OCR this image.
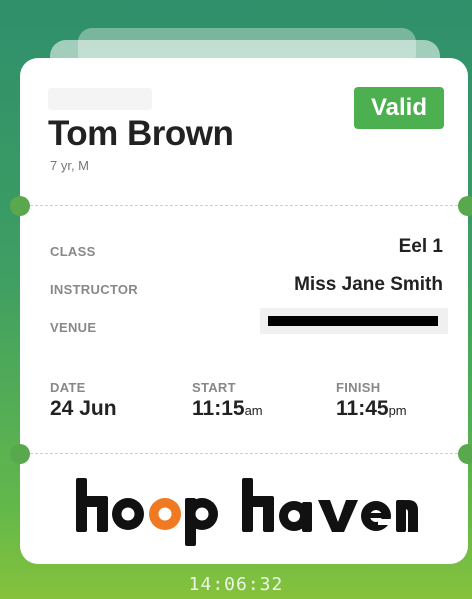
Tom Brown
7 yr, M
Valid
CLASS	Eel 1
INSTRUCTOR	Miss Jane Smith
VENUE
DATE
24 Jun
START
11:15am
FINISH
11:45pm
14:06:32
